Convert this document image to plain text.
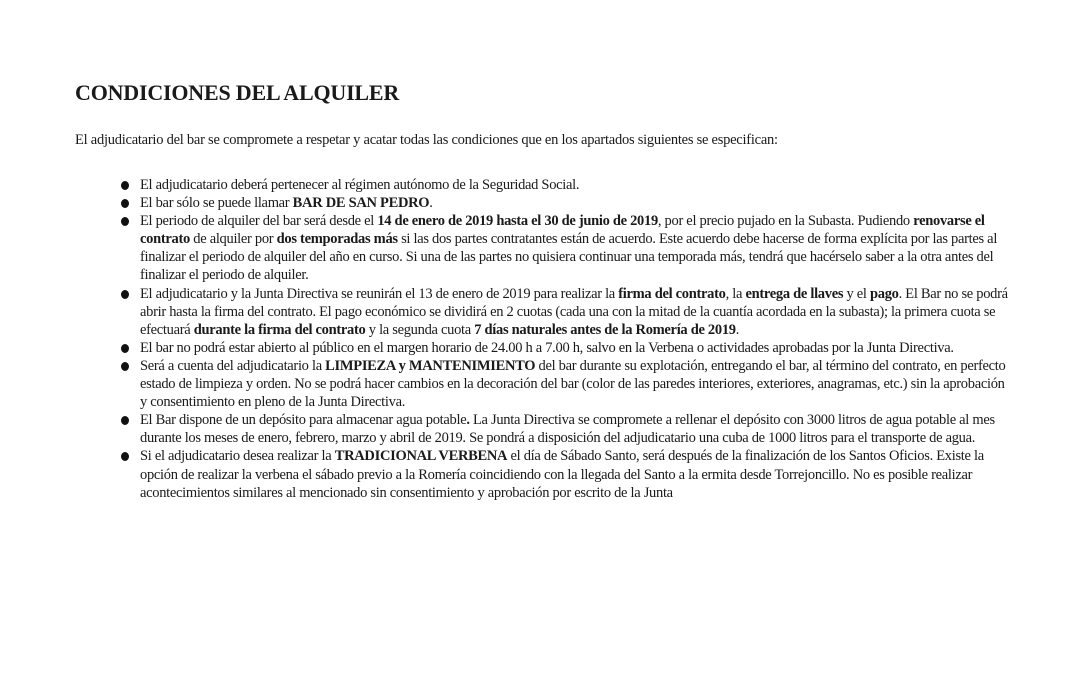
CONDICIONES DEL ALQUILER

El adjudicatario del bar se compromete a respetar y acatar todas las condiciones que en los apartados siguientes se especifican:

El adjudicatario deberá pertenecer al régimen autónomo de la Seguridad Social.
El bar sólo se puede llamar BAR DE SAN PEDRO.
El periodo de alquiler del bar será desde el 14 de enero de 2019 hasta el 30 de junio de 2019, por el precio pujado en la Subasta. Pudiendo renovarse el contrato de alquiler por dos temporadas más si las dos partes contratantes están de acuerdo. Este acuerdo debe hacerse de forma explícita por las partes al finalizar el periodo de alquiler del año en curso. Si una de las partes no quisiera continuar una temporada más, tendrá que hacérselo saber a la otra antes del finalizar el periodo de alquiler.
El adjudicatario y la Junta Directiva se reunirán el 13 de enero de 2019 para realizar la firma del contrato, la entrega de llaves y el pago. El Bar no se podrá abrir hasta la firma del contrato. El pago económico se dividirá en 2 cuotas (cada una con la mitad de la cuantía acordada en la subasta); la primera cuota se efectuará durante la firma del contrato y la segunda cuota 7 días naturales antes de la Romería de 2019.
El bar no podrá estar abierto al público en el margen horario de 24.00 h a 7.00 h, salvo en la Verbena o actividades aprobadas por la Junta Directiva.
Será a cuenta del adjudicatario la LIMPIEZA y MANTENIMIENTO del bar durante su explotación, entregando el bar, al término del contrato, en perfecto estado de limpieza y orden. No se podrá hacer cambios en la decoración del bar (color de las paredes interiores, exteriores, anagramas, etc.) sin la aprobación y consentimiento en pleno de la Junta Directiva.
El Bar dispone de un depósito para almacenar agua potable. La Junta Directiva se compromete a rellenar el depósito con 3000 litros de agua potable al mes durante los meses de enero, febrero, marzo y abril de 2019. Se pondrá a disposición del adjudicatario una cuba de 1000 litros para el transporte de agua.
Si el adjudicatario desea realizar la TRADICIONAL VERBENA el día de Sábado Santo, será después de la finalización de los Santos Oficios. Existe la opción de realizar la verbena el sábado previo a la Romería coincidiendo con la llegada del Santo a la ermita desde Torrejoncillo. No es posible realizar acontecimientos similares al mencionado sin consentimiento y aprobación por escrito de la Junta
